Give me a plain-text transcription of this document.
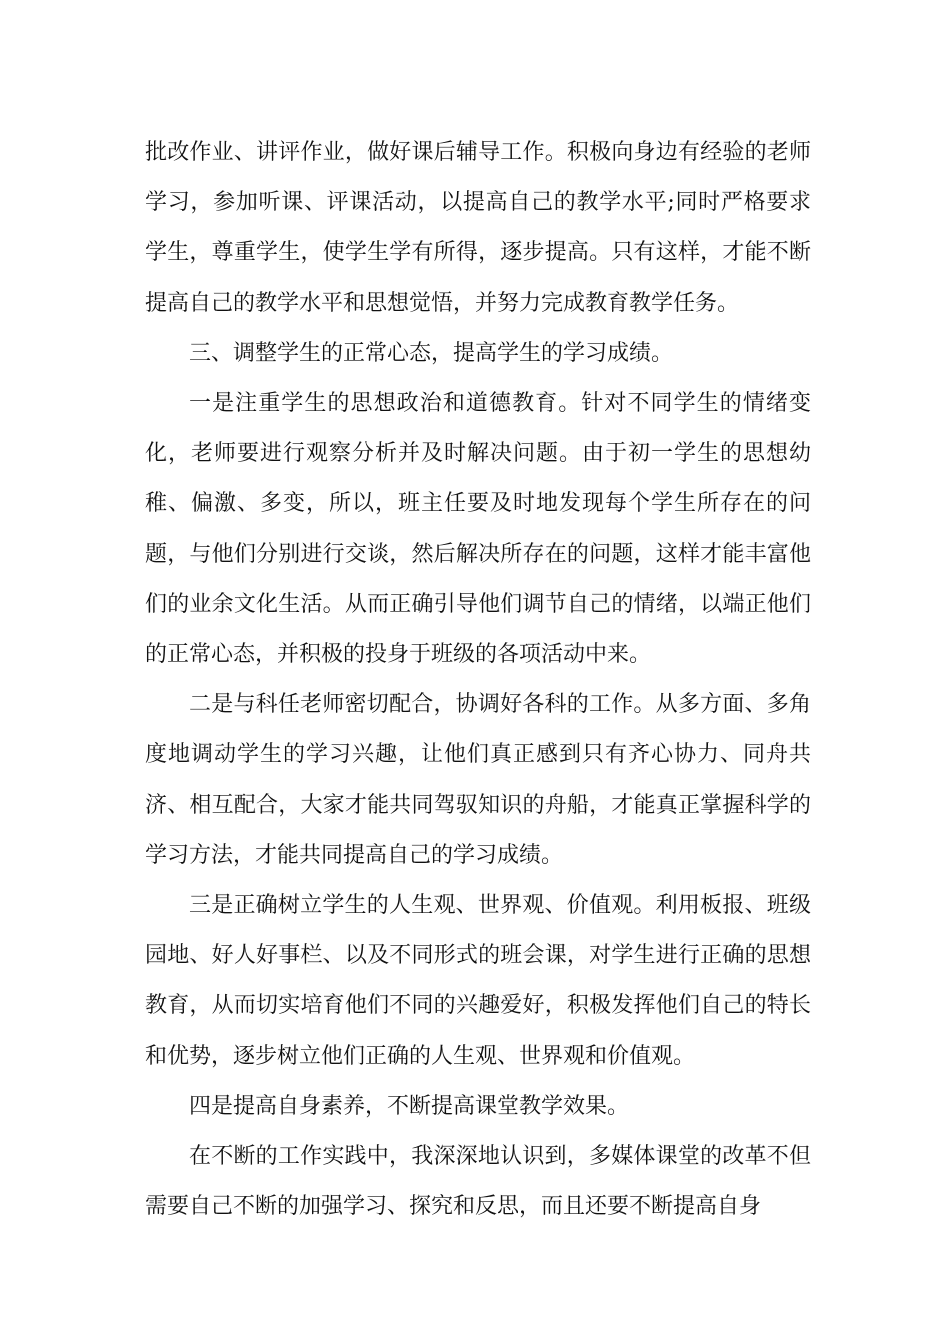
批改作业、讲评作业，做好课后辅导工作。积极向身边有经验的老师学习，参加听课、评课活动，以提高自己的教学水平;同时严格要求学生，尊重学生，使学生学有所得，逐步提高。只有这样，才能不断提高自己的教学水平和思想觉悟，并努力完成教育教学任务。

三、调整学生的正常心态，提高学生的学习成绩。

一是注重学生的思想政治和道德教育。针对不同学生的情绪变化，老师要进行观察分析并及时解决问题。由于初一学生的思想幼稚、偏激、多变，所以，班主任要及时地发现每个学生所存在的问题，与他们分别进行交谈，然后解决所存在的问题，这样才能丰富他们的业余文化生活。从而正确引导他们调节自己的情绪，以端正他们的正常心态，并积极的投身于班级的各项活动中来。

二是与科任老师密切配合，协调好各科的工作。从多方面、多角度地调动学生的学习兴趣，让他们真正感到只有齐心协力、同舟共济、相互配合，大家才能共同驾驭知识的舟船，才能真正掌握科学的学习方法，才能共同提高自己的学习成绩。

三是正确树立学生的人生观、世界观、价值观。利用板报、班级园地、好人好事栏、以及不同形式的班会课，对学生进行正确的思想教育，从而切实培育他们不同的兴趣爱好，积极发挥他们自己的特长和优势，逐步树立他们正确的人生观、世界观和价值观。

四是提高自身素养，不断提高课堂教学效果。

在不断的工作实践中，我深深地认识到，多媒体课堂的改革不但需要自己不断的加强学习、探究和反思，而且还要不断提高自身
